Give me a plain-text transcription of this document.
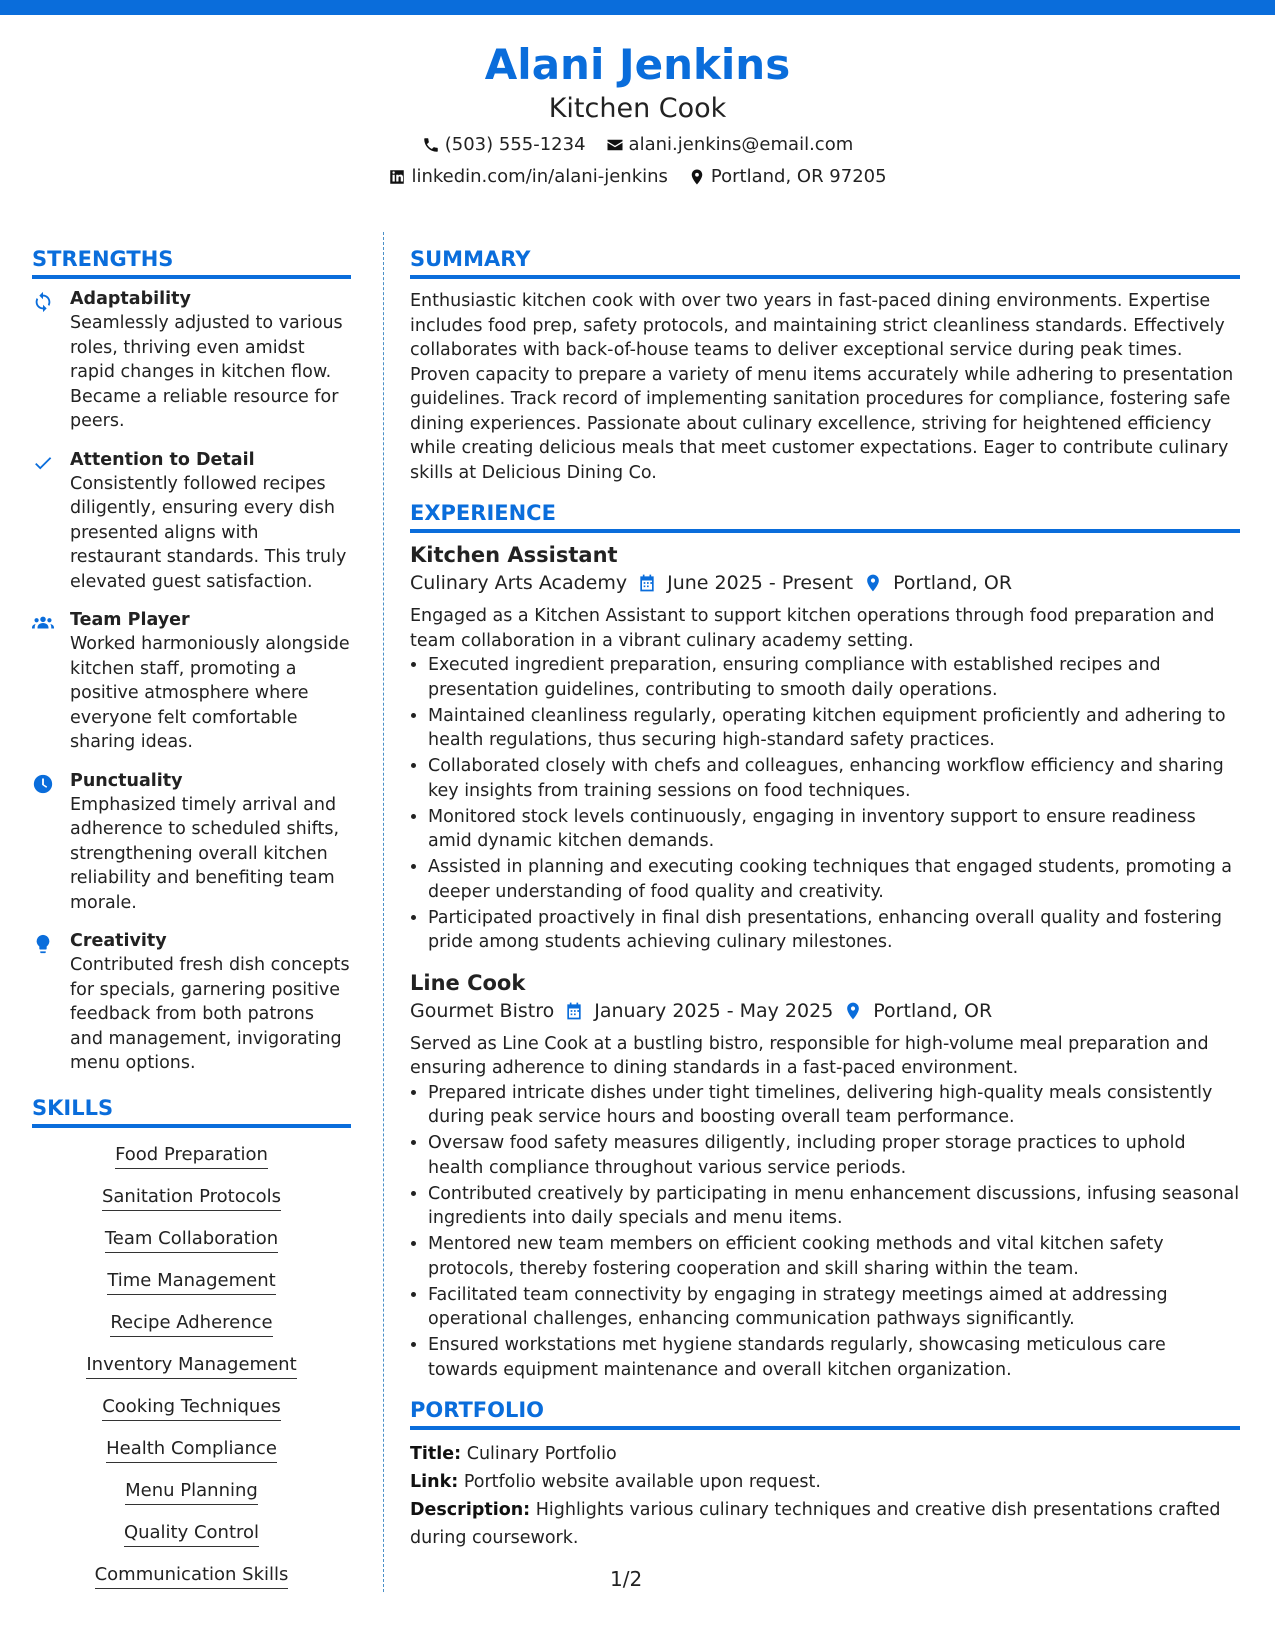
Alani Jenkins
Kitchen Cook
(503) 555-1234 alani.jenkins@email.com
linkedin.com/in/alani-jenkins Portland, OR 97205
STRENGTHS
Adaptability
Seamlessly adjusted to various roles, thriving even amidst rapid changes in kitchen flow. Became a reliable resource for peers.
Attention to Detail
Consistently followed recipes diligently, ensuring every dish presented aligns with restaurant standards. This truly elevated guest satisfaction.
Team Player
Worked harmoniously alongside kitchen staff, promoting a positive atmosphere where everyone felt comfortable sharing ideas.
Punctuality
Emphasized timely arrival and adherence to scheduled shifts, strengthening overall kitchen reliability and benefiting team morale.
Creativity
Contributed fresh dish concepts for specials, garnering positive feedback from both patrons and management, invigorating menu options.
SKILLS
Food Preparation
Sanitation Protocols
Team Collaboration
Time Management
Recipe Adherence
Inventory Management
Cooking Techniques
Health Compliance
Menu Planning
Quality Control
Communication Skills
SUMMARY
Enthusiastic kitchen cook with over two years in fast-paced dining environments. Expertise includes food prep, safety protocols, and maintaining strict cleanliness standards. Effectively collaborates with back-of-house teams to deliver exceptional service during peak times. Proven capacity to prepare a variety of menu items accurately while adhering to presentation guidelines. Track record of implementing sanitation procedures for compliance, fostering safe dining experiences. Passionate about culinary excellence, striving for heightened efficiency while creating delicious meals that meet customer expectations. Eager to contribute culinary skills at Delicious Dining Co.
EXPERIENCE
Kitchen Assistant
Culinary Arts Academy June 2025 - Present Portland, OR
Engaged as a Kitchen Assistant to support kitchen operations through food preparation and team collaboration in a vibrant culinary academy setting.
• Executed ingredient preparation, ensuring compliance with established recipes and presentation guidelines, contributing to smooth daily operations.
• Maintained cleanliness regularly, operating kitchen equipment proficiently and adhering to health regulations, thus securing high-standard safety practices.
• Collaborated closely with chefs and colleagues, enhancing workflow efficiency and sharing key insights from training sessions on food techniques.
• Monitored stock levels continuously, engaging in inventory support to ensure readiness amid dynamic kitchen demands.
• Assisted in planning and executing cooking techniques that engaged students, promoting a deeper understanding of food quality and creativity.
• Participated proactively in final dish presentations, enhancing overall quality and fostering pride among students achieving culinary milestones.
Line Cook
Gourmet Bistro January 2025 - May 2025 Portland, OR
Served as Line Cook at a bustling bistro, responsible for high-volume meal preparation and ensuring adherence to dining standards in a fast-paced environment.
• Prepared intricate dishes under tight timelines, delivering high-quality meals consistently during peak service hours and boosting overall team performance.
• Oversaw food safety measures diligently, including proper storage practices to uphold health compliance throughout various service periods.
• Contributed creatively by participating in menu enhancement discussions, infusing seasonal ingredients into daily specials and menu items.
• Mentored new team members on efficient cooking methods and vital kitchen safety protocols, thereby fostering cooperation and skill sharing within the team.
• Facilitated team connectivity by engaging in strategy meetings aimed at addressing operational challenges, enhancing communication pathways significantly.
• Ensured workstations met hygiene standards regularly, showcasing meticulous care towards equipment maintenance and overall kitchen organization.
PORTFOLIO
Title: Culinary Portfolio
Link: Portfolio website available upon request.
Description: Highlights various culinary techniques and creative dish presentations crafted during coursework.
1/2
